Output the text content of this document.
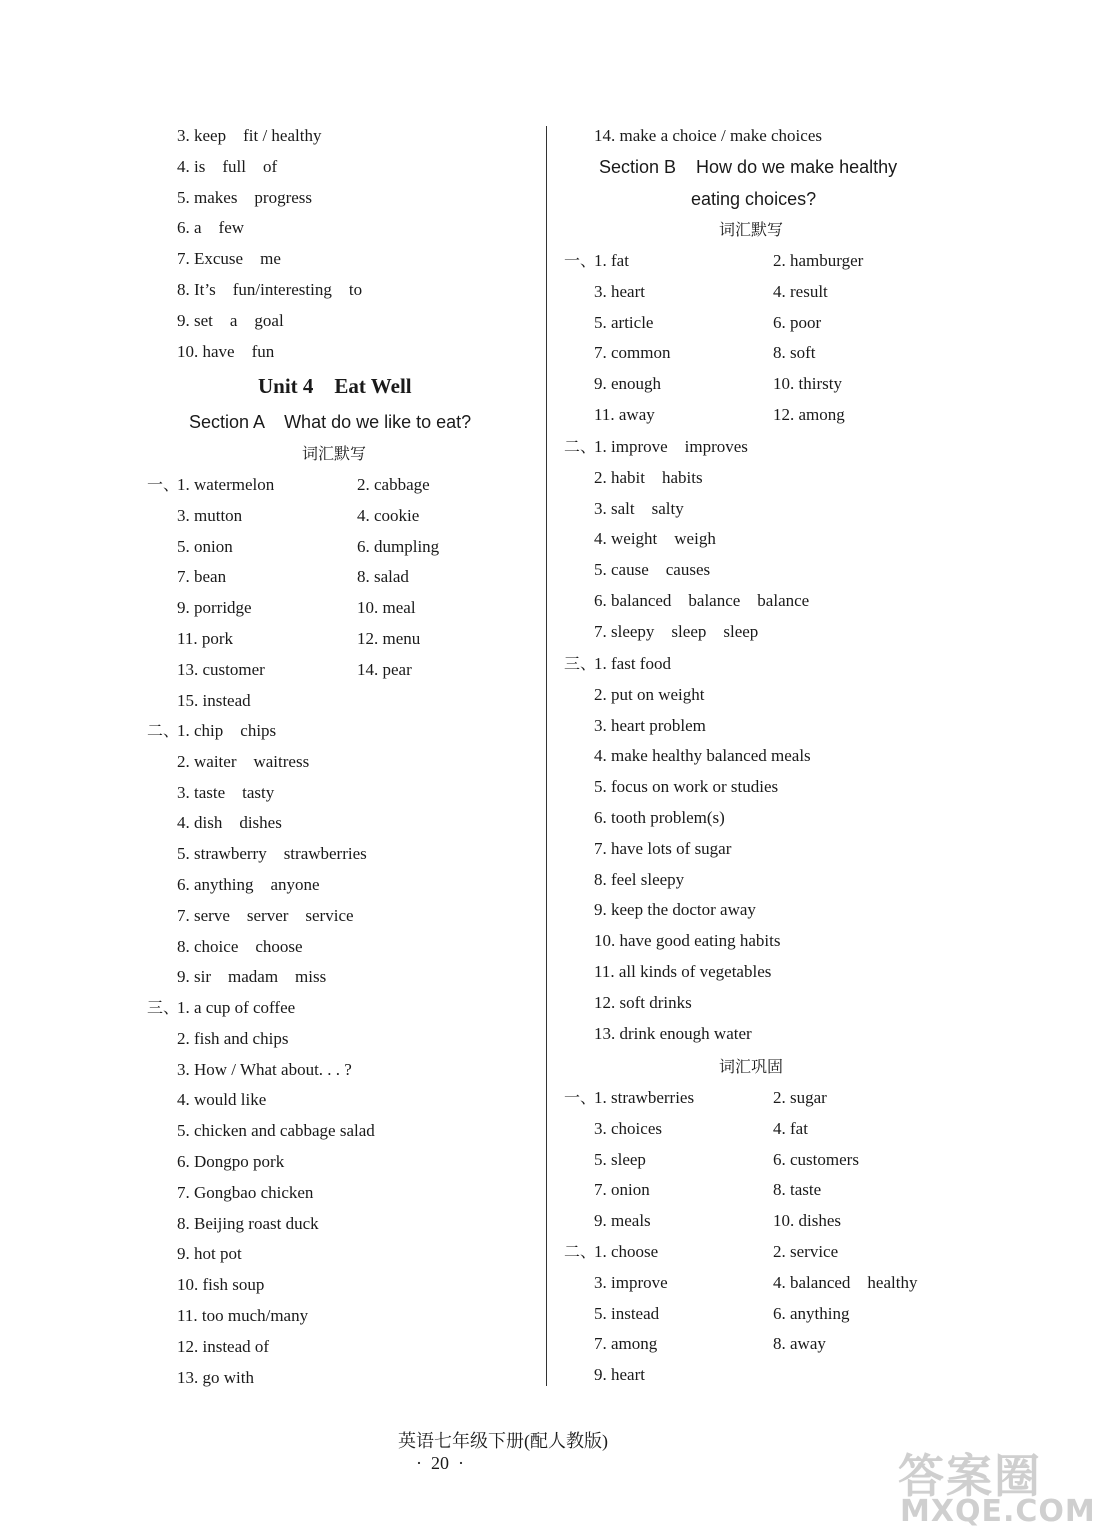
3. keep    fit / healthy
4. is    full    of
5. makes    progress
6. a    few
7. Excuse    me
8. It’s    fun/interesting    to
9. set    a    goal
10. have    fun
Unit 4    Eat Well
Section A    What do we like to eat?
词汇默写
一、
1. watermelon	2. cabbage
3. mutton	4. cookie
5. onion	6. dumpling
7. bean	8. salad
9. porridge	10. meal
11. pork	12. menu
13. customer	14. pear
15. instead
二、
1. chip    chips
2. waiter    waitress
3. taste    tasty
4. dish    dishes
5. strawberry    strawberries
6. anything    anyone
7. serve    server    service
8. choice    choose
9. sir    madam    miss
三、
1. a cup of coffee
2. fish and chips
3. How / What about. . . ?
4. would like
5. chicken and cabbage salad
6. Dongpo pork
7. Gongbao chicken
8. Beijing roast duck
9. hot pot
10. fish soup
11. too much/many
12. instead of
13. go with
14. make a choice / make choices
Section B    How do we make healthy
eating choices?
词汇默写
一、
1. fat	2. hamburger
3. heart	4. result
5. article	6. poor
7. common	8. soft
9. enough	10. thirsty
11. away	12. among
二、
1. improve    improves
2. habit    habits
3. salt    salty
4. weight    weigh
5. cause    causes
6. balanced    balance    balance
7. sleepy    sleep    sleep
三、
1. fast food
2. put on weight
3. heart problem
4. make healthy balanced meals
5. focus on work or studies
6. tooth problem(s)
7. have lots of sugar
8. feel sleepy
9. keep the doctor away
10. have good eating habits
11. all kinds of vegetables
12. soft drinks
13. drink enough water
词汇巩固
一、
1. strawberries	2. sugar
3. choices	4. fat
5. sleep	6. customers
7. onion	8. taste
9. meals	10. dishes
二、
1. choose	2. service
3. improve	4. balanced    healthy
5. instead	6. anything
7. among	8. away
9. heart

英语七年级下册(配人教版)
·  20  ·
	答案圈
MXQE.COM
